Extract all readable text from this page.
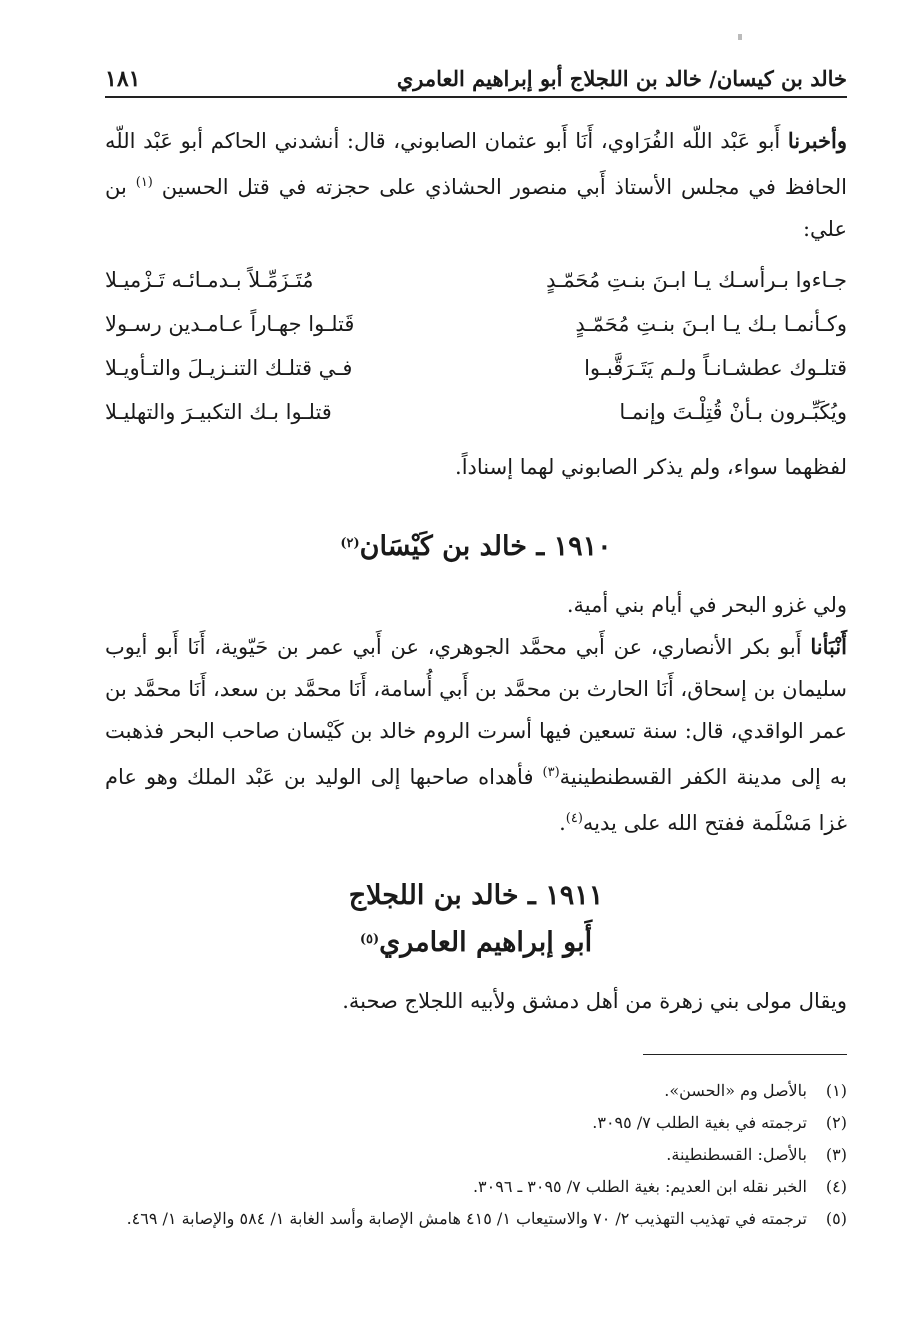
خالد بن كيسان/ خالد بن اللجلاج أبو إبراهيم العامري
١٨١
وأخبرنا أَبو عَبْد اللّه الفُرَاوي، أَنَا أَبو عثمان الصابوني، قال: أنشدني الحاكم أبو عَبْد اللّه الحافظ في مجلس الأستاذ أَبي منصور الحشاذي على حجزته في قتل الحسين $^{(١)}$ بن علي:
جـاءوا بـرأسـك يـا ابـنَ بنـتِ مُحَمّـدٍ
مُتَـزَمِّـلاً بـدمـائـه تَـزْميـلا
وكـأنمـا بـك يـا ابـنَ بنـتِ مُحَمّـدٍ
قَتلـوا جهـاراً عـامـدين رسـولا
قتلـوك عطشـانـاً ولـم يَتَـرَقَّبـوا
فـي قتلـك التنـزيـلَ والتـأويـلا
ويُكَبِّـرون بـأنْ قُتِلْـتَ وإنمـا
قتلـوا بـك التكبيـرَ والتهليـلا
لفظهما سواء، ولم يذكر الصابوني لهما إسناداً.
١٩١٠ ـ خالد بن كَيْسَان$^{(٢)}$
ولي غزو البحر في أيام بني أمية.
أَنْبَأنا أَبو بكر الأنصاري، عن أَبي محمَّد الجوهري، عن أَبي عمر بن حَيّوية، أَنَا أَبو أيوب سليمان بن إسحاق، أَنَا الحارث بن محمَّد بن أَبي أُسامة، أَنَا محمَّد بن سعد، أَنَا محمَّد بن عمر الواقدي، قال: سنة تسعين فيها أسرت الروم خالد بن كَيْسان صاحب البحر فذهبت به إلى مدينة الكفر القسطنطينية$^{(٣)}$ فأهداه صاحبها إلى الوليد بن عَبْد الملك وهو عام غزا مَسْلَمة ففتح الله على يديه$^{(٤)}$.
١٩١١ ـ خالد بن اللجلاج
أَبو إبراهيم العامري$^{(٥)}$
ويقال مولى بني زهرة من أهل دمشق ولأبيه اللجلاج صحبة.
(١)بالأصل وم «الحسن».
(٢)ترجمته في بغية الطلب ٧/ ٣٠٩٥.
(٣)بالأصل: القسطنطينة.
(٤)الخبر نقله ابن العديم: بغية الطلب ٧/ ٣٠٩٥ ـ ٣٠٩٦.
(٥)ترجمته في تهذيب التهذيب ٢/ ٧٠ والاستيعاب ١/ ٤١٥ هامش الإصابة وأسد الغابة ١/ ٥٨٤ والإصابة ١/ ٤٦٩.
